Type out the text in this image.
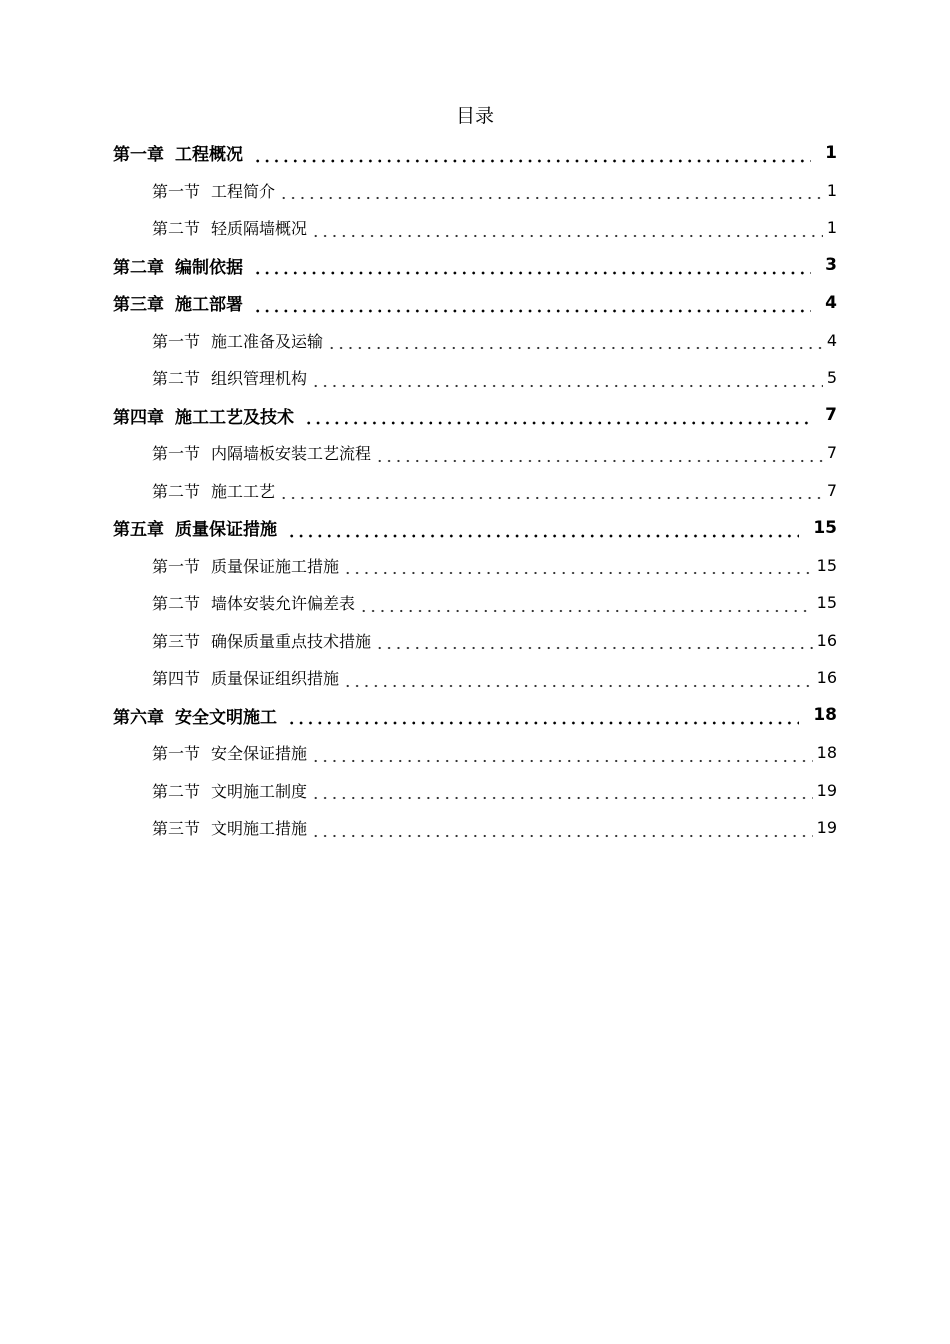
目录
第一章 工程概况	1
第一节 工程简介	1
第二节 轻质隔墙概况	1
第二章 编制依据	3
第三章 施工部署	4
第一节 施工准备及运输	4
第二节 组织管理机构	5
第四章 施工工艺及技术	7
第一节 内隔墙板安装工艺流程	7
第二节 施工工艺	7
第五章 质量保证措施	15
第一节 质量保证施工措施	15
第二节 墙体安装允许偏差表	15
第三节 确保质量重点技术措施	16
第四节 质量保证组织措施	16
第六章 安全文明施工	18
第一节 安全保证措施	18
第二节 文明施工制度	19
第三节 文明施工措施	19
